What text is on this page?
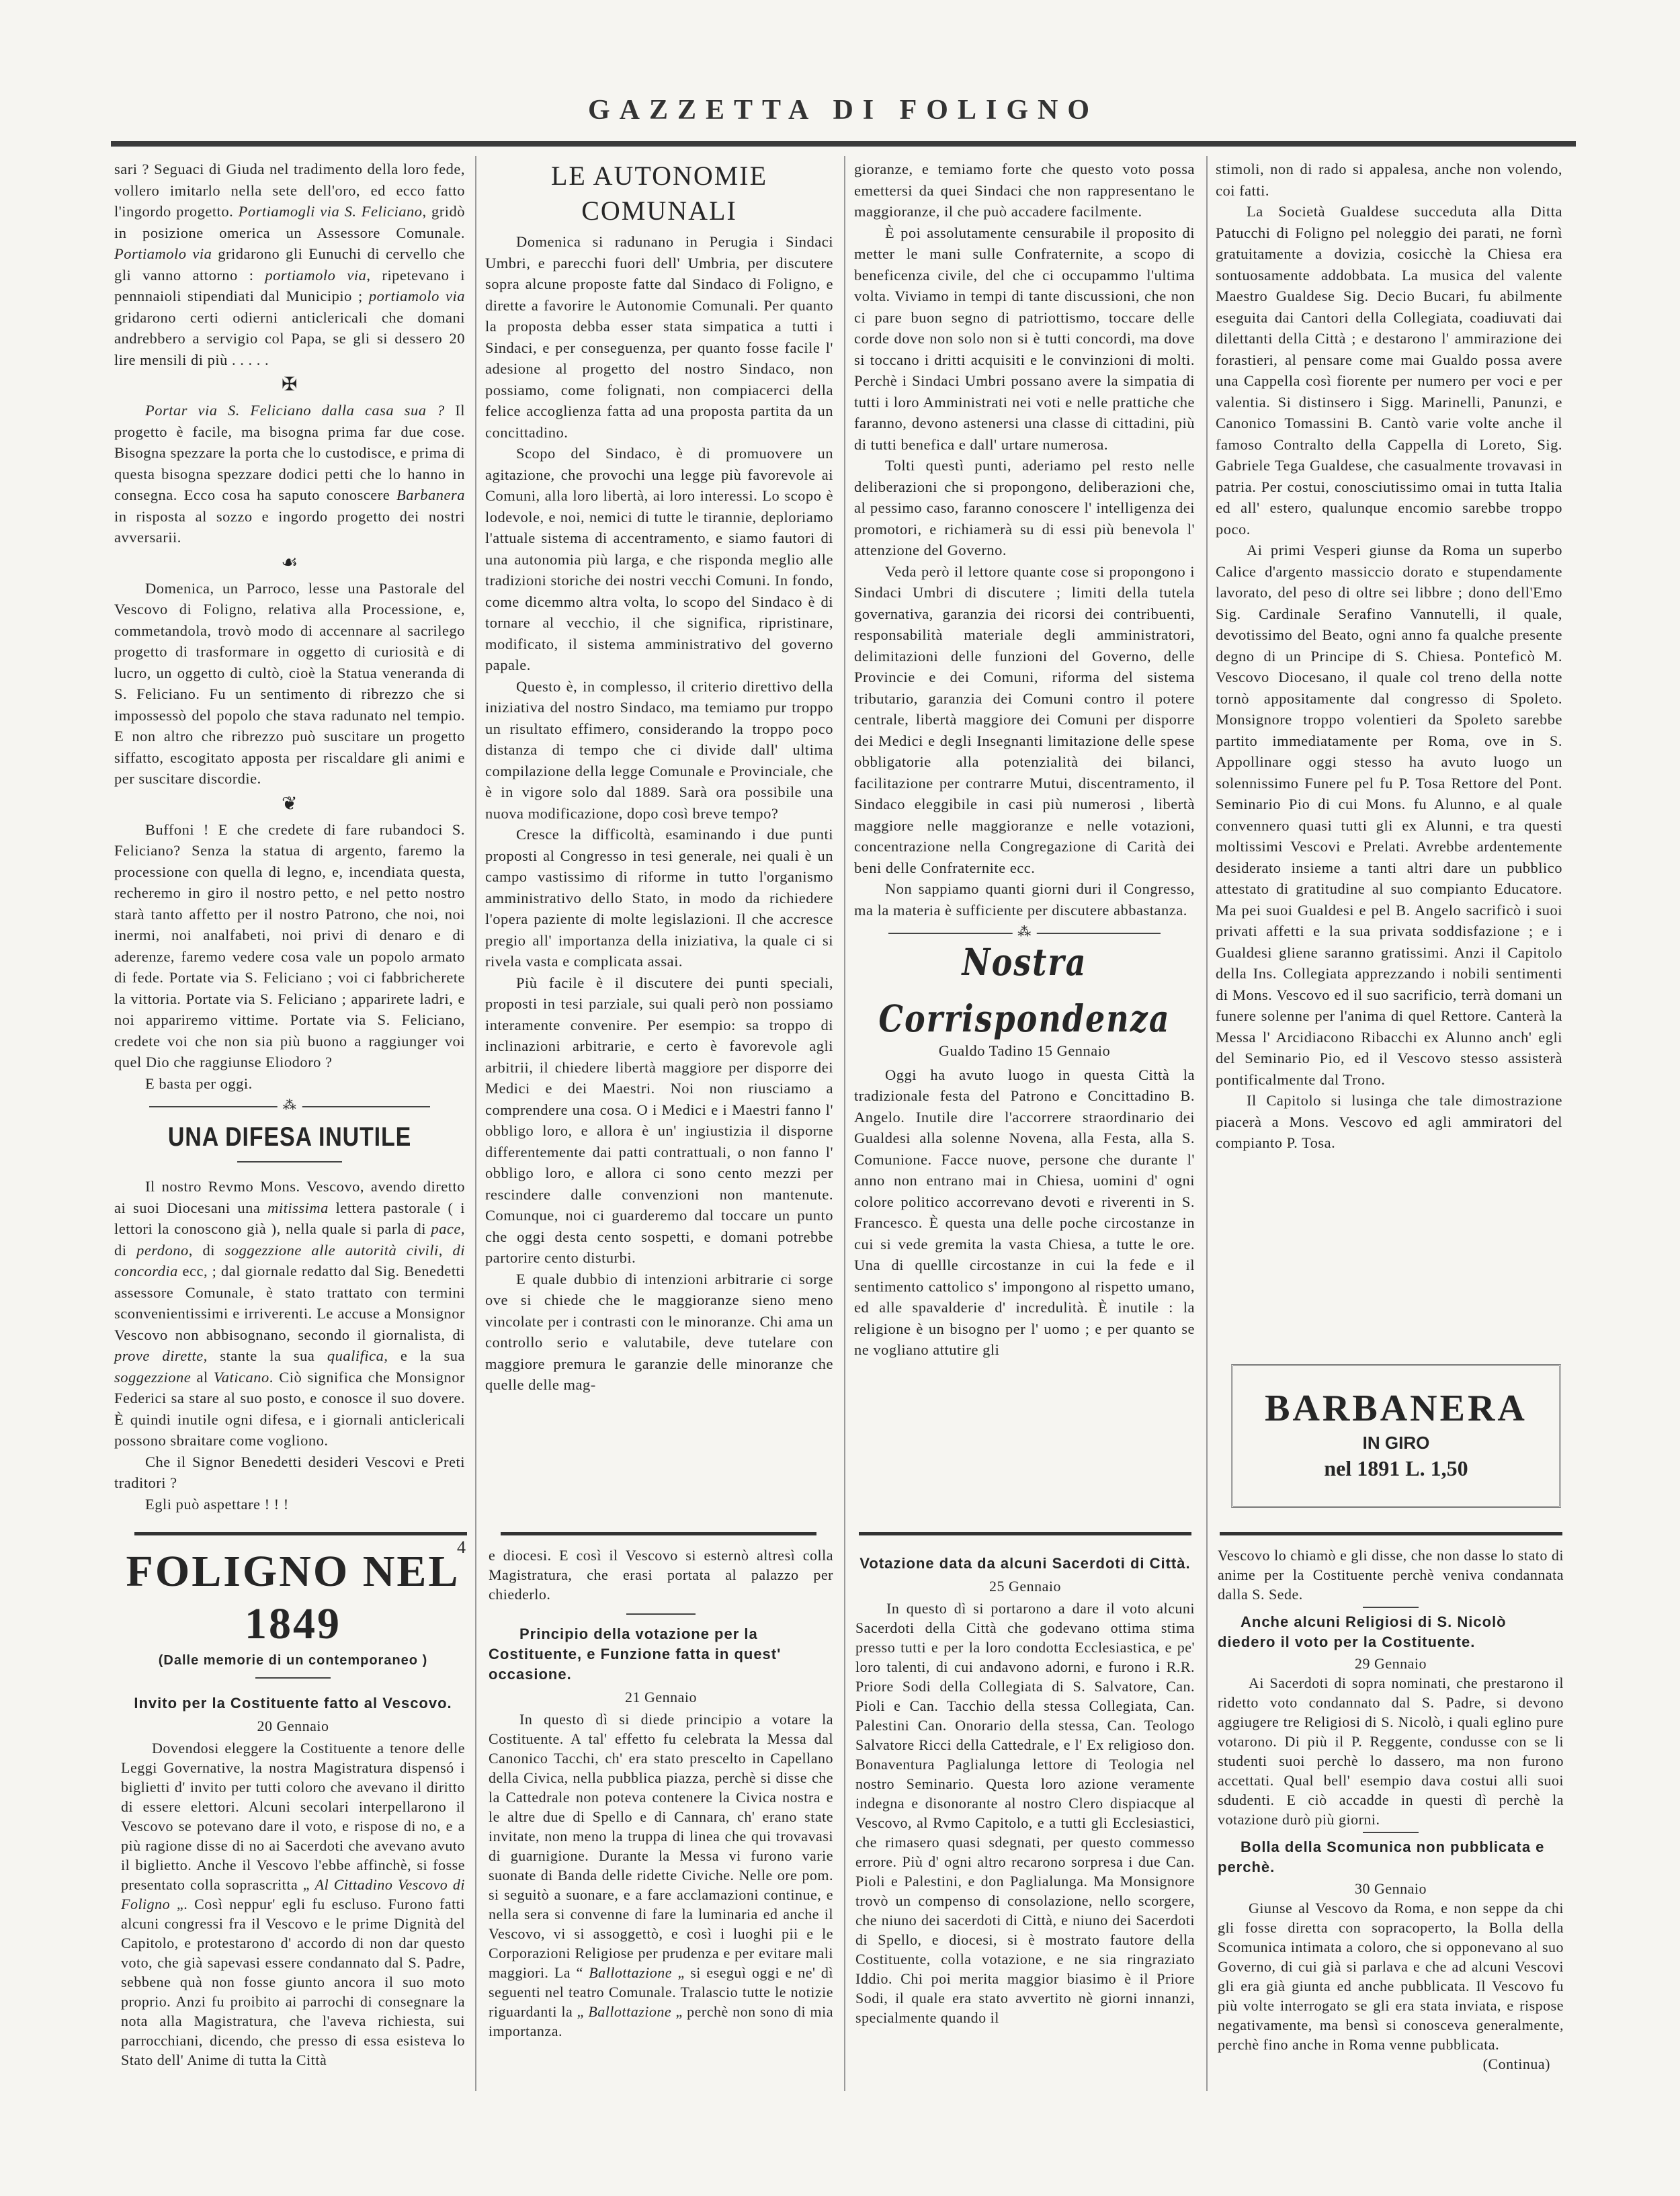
GAZZETTA DI FOLIGNO

sari ? Seguaci di Giuda nel tradimento della loro fede, vollero imitarlo nella sete dell'oro, ed ecco fatto l'ingordo progetto. Portiamogli via S. Feliciano, gridò in posizione omerica un Assessore Comunale. Portiamolo via gridarono gli Eunuchi di cervello che gli vanno attorno : portiamolo via, ripetevano i pennnaioli stipendiati dal Municipio ; portiamolo via gridarono certi odierni anticlericali che domani andrebbero a servigio col Papa, se gli si dessero 20 lire mensili di più . . . . .

✠

Portar via S. Feliciano dalla casa sua ? Il progetto è facile, ma bisogna prima far due cose. Bisogna spezzare la porta che lo custodisce, e prima di questa bisogna spezzare dodici petti che lo hanno in consegna. Ecco cosa ha saputo conoscere Barbanera in risposta al sozzo e ingordo progetto dei nostri avversarii.

☙

Domenica, un Parroco, lesse una Pastorale del Vescovo di Foligno, relativa alla Processione, e, commetandola, trovò modo di accennare al sacrilego progetto di trasformare in oggetto di curiosità e di lucro, un oggetto di cultò, cioè la Statua veneranda di S. Feliciano. Fu un sentimento di ribrezzo che si impossessò del popolo che stava radunato nel tempio. E non altro che ribrezzo può suscitare un progetto siffatto, escogitato apposta per riscaldare gli animi e per suscitare discordie.

❦

Buffoni ! E che credete di fare rubandoci S. Feliciano? Senza la statua di argento, faremo la processione con quella di legno, e, incendiata questa, recheremo in giro il nostro petto, e nel petto nostro starà tanto affetto per il nostro Patrono, che noi, noi inermi, noi analfabeti, noi privi di denaro e di aderenze, faremo vedere cosa vale un popolo armato di fede. Portate via S. Feliciano ; voi ci fabbricherete la vittoria. Portate via S. Feliciano ; apparirete ladri, e noi appariremo vittime. Portate via S. Feliciano, credete voi che non sia più buono a raggiunger voi quel Dio che raggiunse Eliodoro ?

E basta per oggi.

⁂
UNA DIFESA INUTILE

Il nostro Revmo Mons. Vescovo, avendo diretto ai suoi Diocesani una mitissima lettera pastorale ( i lettori la conoscono già ), nella quale si parla di pace, di perdono, di soggezzione alle autorità civili, di concordia ecc, ; dal giornale redatto dal Sig. Benedetti assessore Comunale, è stato trattato con termini sconvenientissimi e irriverenti. Le accuse a Monsignor Vescovo non abbisognano, secondo il giornalista, di prove dirette, stante la sua qualifica, e la sua soggezzione al Vaticano. Ciò significa che Monsignor Federici sa stare al suo posto, e conosce il suo dovere. È quindi inutile ogni difesa, e i giornali anticlericali possono sbraitare come vogliono.

Che il Signor Benedetti desideri Vescovi e Preti traditori ?

Egli può aspettare ! ! !

LE AUTONOMIE COMUNALI

Domenica si radunano in Perugia i Sindaci Umbri, e parecchi fuori dell' Umbria, per discutere sopra alcune proposte fatte dal Sindaco di Foligno, e dirette a favorire le Autonomie Comunali. Per quanto la proposta debba esser stata simpatica a tutti i Sindaci, e per conseguenza, per quanto fosse facile l' adesione al progetto del nostro Sindaco, non possiamo, come folignati, non compiacerci della felice accoglienza fatta ad una proposta partita da un concittadino.

Scopo del Sindaco, è di promuovere un agitazione, che provochi una legge più favorevole ai Comuni, alla loro libertà, ai loro interessi. Lo scopo è lodevole, e noi, nemici di tutte le tirannie, deploriamo l'attuale sistema di accentramento, e siamo fautori di una autonomia più larga, e che risponda meglio alle tradizioni storiche dei nostri vecchi Comuni. In fondo, come dicemmo altra volta, lo scopo del Sindaco è di tornare al vecchio, il che significa, ripristinare, modificato, il sistema amministrativo del governo papale.

Questo è, in complesso, il criterio direttivo della iniziativa del nostro Sindaco, ma temiamo pur troppo un risultato effimero, considerando la troppo poco distanza di tempo che ci divide dall' ultima compilazione della legge Comunale e Provinciale, che è in vigore solo dal 1889. Sarà ora possibile una nuova modificazione, dopo così breve tempo?

Cresce la difficoltà, esaminando i due punti proposti al Congresso in tesi generale, nei quali è un campo vastissimo di riforme in tutto l'organismo amministrativo dello Stato, in modo da richiedere l'opera paziente di molte legislazioni. Il che accresce pregio all' importanza della iniziativa, la quale ci si rivela vasta e complicata assai.

Più facile è il discutere dei punti speciali, proposti in tesi parziale, sui quali però non possiamo interamente convenire. Per esempio: sa troppo di inclinazioni arbitrarie, e certo è favorevole agli arbitrii, il chiedere libertà maggiore per disporre dei Medici e dei Maestri. Noi non riusciamo a comprendere una cosa. O i Medici e i Maestri fanno l' obbligo loro, e allora è un' ingiustizia il disporne differentemente dai patti contrattuali, o non fanno l' obbligo loro, e allora ci sono cento mezzi per rescindere dalle convenzioni non mantenute. Comunque, noi ci guarderemo dal toccare un punto che oggi desta cento sospetti, e domani potrebbe partorire cento disturbi.

E quale dubbio di intenzioni arbitrarie ci sorge ove si chiede che le maggioranze sieno meno vincolate per i contrasti con le minoranze. Chi ama un controllo serio e valutabile, deve tutelare con maggiore premura le garanzie delle minoranze che quelle delle mag-

gioranze, e temiamo forte che questo voto possa emettersi da quei Sindaci che non rappresentano le maggioranze, il che può accadere facilmente.

È poi assolutamente censurabile il proposito di metter le mani sulle Confraternite, a scopo di beneficenza civile, del che ci occupammo l'ultima volta. Viviamo in tempi di tante discussioni, che non ci pare buon segno di patriottismo, toccare delle corde dove non solo non si è tutti concordi, ma dove si toccano i dritti acquisiti e le convinzioni di molti. Perchè i Sindaci Umbri possano avere la simpatia di tutti i loro Amministrati nei voti e nelle prattiche che faranno, devono astenersi una classe di cittadini, più di tutti benefica e dall' urtare numerosa.

Tolti questì punti, aderiamo pel resto nelle deliberazioni che si propongono, deliberazioni che, al pessimo caso, faranno conoscere l' intelligenza dei promotori, e richiamerà su di essi più benevola l' attenzione del Governo.

Veda però il lettore quante cose si propongono i Sindaci Umbri di discutere ; limiti della tutela governativa, garanzia dei ricorsi dei contribuenti, responsabilità materiale degli amministratori, delimitazioni delle funzioni del Governo, delle Provincie e dei Comuni, riforma del sistema tributario, garanzia dei Comuni contro il potere centrale, libertà maggiore dei Comuni per disporre dei Medici e degli Insegnanti limitazione delle spese obbligatorie alla potenzialità dei bilanci, facilitazione per contrarre Mutui, discentramento, il Sindaco eleggibile in casi più numerosi , libertà maggiore nelle maggioranze e nelle votazioni, concentrazione nella Congregazione di Carità dei beni delle Confraternite ecc.

Non sappiamo quanti giorni duri il Congresso, ma la materia è sufficiente per discutere abbastanza.

⁂
Nostra Corrispondenza
Gualdo Tadino 15 Gennaio

Oggi ha avuto luogo in questa Città la tradizionale festa del Patrono e Concittadino B. Angelo. Inutile dire l'accorrere straordinario dei Gualdesi alla solenne Novena, alla Festa, alla S. Comunione. Facce nuove, persone che durante l' anno non entrano mai in Chiesa, uomini d' ogni colore politico accorrevano devoti e riverenti in S. Francesco. È questa una delle poche circostanze in cui si vede gremita la vasta Chiesa, a tutte le ore. Una di quellle circostanze in cui la fede e il sentimento cattolico s' impongono al rispetto umano, ed alle spavalderie d' incredulità. È inutile : la religione è un bisogno per l' uomo ; e per quanto se ne vogliano attutire gli

stimoli, non di rado si appalesa, anche non volendo, coi fatti.

La Società Gualdese succeduta alla Ditta Patucchi di Foligno pel noleggio dei parati, ne fornì gratuitamente a dovizia, cosicchè la Chiesa era sontuosamente addobbata. La musica del valente Maestro Gualdese Sig. Decio Bucari, fu abilmente eseguita dai Cantori della Collegiata, coadiuvati dai dilettanti della Città ; e destarono l' ammirazione dei forastieri, al pensare come mai Gualdo possa avere una Cappella così fiorente per numero per voci e per valentia. Si distinsero i Sigg. Marinelli, Panunzi, e Canonico Tomassini B. Cantò varie volte anche il famoso Contralto della Cappella di Loreto, Sig. Gabriele Tega Gualdese, che casualmente trovavasi in patria. Per costui, conosciutissimo omai in tutta Italia ed all' estero, qualunque encomio sarebbe troppo poco.

Ai primi Vesperi giunse da Roma un superbo Calice d'argento massiccio dorato e stupendamente lavorato, del peso di oltre sei libbre ; dono dell'Emo Sig. Cardinale Serafino Vannutelli, il quale, devotissimo del Beato, ogni anno fa qualche presente degno di un Principe di S. Chiesa. Ponteficò M. Vescovo Diocesano, il quale col treno della notte tornò appositamente dal congresso di Spoleto. Monsignore troppo volentieri da Spoleto sarebbe partito immediatamente per Roma, ove in S. Appollinare oggi stesso ha avuto luogo un solennissimo Funere pel fu P. Tosa Rettore del Pont. Seminario Pio di cui Mons. fu Alunno, e al quale convennero quasi tutti gli ex Alunni, e tra questi moltissimi Vescovi e Prelati. Avrebbe ardentemente desiderato insieme a tanti altri dare un pubblico attestato di gratitudine al suo compianto Educatore. Ma pei suoi Gualdesi e pel B. Angelo sacrificò i suoi privati affetti e la sua privata soddisfazione ; e i Gualdesi gliene saranno gratissimi. Anzi il Capitolo della Ins. Collegiata apprezzando i nobili sentimenti di Mons. Vescovo ed il suo sacrificio, terrà domani un funere solenne per l'anima di quel Rettore. Canterà la Messa l' Arcidiacono Ribacchi ex Alunno anch' egli del Seminario Pio, ed il Vescovo stesso assisterà pontificalmente dal Trono.

Il Capitolo si lusinga che tale dimostrazione piacerà a Mons. Vescovo ed agli ammiratori del compianto P. Tosa.

BARBANERA
IN GIRO
nel 1891 L. 1,50
4
FOLIGNO NEL 1849
(Dalle memorie di un contemporaneo )
Invito per la Costituente fatto al Vescovo.
20 Gennaio

Dovendosi eleggere la Costituente a tenore delle Leggi Governative, la nostra Magistratura dispensó i biglietti d' invito per tutti coloro che avevano il diritto di essere elettori. Alcuni secolari interpellarono il Vescovo se potevano dare il voto, e rispose di no, e a più ragione disse di no ai Sacerdoti che avevano avuto il biglietto. Anche il Vescovo l'ebbe affinchè, si fosse presentato colla soprascritta „ Al Cittadino Vescovo di Foligno „. Così neppur' egli fu escluso. Furono fatti alcuni congressi fra il Vescovo e le prime Dignità del Capitolo, e protestarono d' accordo di non dar questo voto, che già sapevasi essere condannato dal S. Padre, sebbene quà non fosse giunto ancora il suo moto proprio. Anzi fu proibito ai parrochi di consegnare la nota alla Magistratura, che l'aveva richiesta, sui parrocchiani, dicendo, che presso di essa esisteva lo Stato dell' Anime di tutta la Città

e diocesi. E così il Vescovo si esternò altresì colla Magistratura, che erasi portata al palazzo per chiederlo.

Principio della votazione per la Costituente, e Funzione fatta in quest' occasione.
21 Gennaio

In questo dì si diede principio a votare la Costituente. A tal' effetto fu celebrata la Messa dal Canonico Tacchi, ch' era stato prescelto in Capellano della Civica, nella pubblica piazza, perchè si disse che la Cattedrale non poteva contenere la Civica nostra e le altre due di Spello e di Cannara, ch' erano state invitate, non meno la truppa di linea che qui trovavasi di guarnigione. Durante la Messa vi furono varie suonate di Banda delle ridette Civiche. Nelle ore pom. si seguitò a suonare, e a fare acclamazioni continue, e nella sera si convenne di fare la luminaria ed anche il Vescovo, vi si assoggettò, e così i luoghi pii e le Corporazioni Religiose per prudenza e per evitare mali maggiori. La “ Ballottazione „ si eseguì oggi e ne' dì seguenti nel teatro Comunale. Tralascio tutte le notizie riguardanti la „ Ballottazione „ perchè non sono di mia importanza.

Votazione data da alcuni Sacerdoti di Città.
25 Gennaio

In questo dì si portarono a dare il voto alcuni Sacerdoti della Città che godevano ottima stima presso tutti e per la loro condotta Ecclesiastica, e pe' loro talenti, di cui andavono adorni, e furono i R.R. Priore Sodi della Collegiata di S. Salvatore, Can. Pioli e Can. Tacchio della stessa Collegiata, Can. Palestini Can. Onorario della stessa, Can. Teologo Salvatore Ricci della Cattedrale, e l' Ex religioso don. Bonaventura Paglialunga lettore di Teologia nel nostro Seminario. Questa loro azione veramente indegna e disonorante al nostro Clero dispiacque al Vescovo, al Rvmo Capitolo, e a tutti gli Ecclesiastici, che rimasero quasi sdegnati, per questo commesso errore. Più d' ogni altro recarono sorpresa i due Can. Pioli e Palestini, e don Paglialunga. Ma Monsignore trovò un compenso di consolazione, nello scorgere, che niuno dei sacerdoti di Città, e niuno dei Sacerdoti di Spello, e diocesi, si è mostrato fautore della Costituente, colla votazione, e ne sia ringraziato Iddio. Chi poi merita maggior biasimo è il Priore Sodi, il quale era stato avvertito nè giorni innanzi, specialmente quando il

Vescovo lo chiamò e gli disse, che non dasse lo stato di anime per la Costituente perchè veniva condannata dalla S. Sede.

Anche alcuni Religiosi di S. Nicolò diedero il voto per la Costituente.
29 Gennaio

Ai Sacerdoti di sopra nominati, che prestarono il ridetto voto condannato dal S. Padre, si devono aggiugere tre Religiosi di S. Nicolò, i quali eglino pure votarono. Di più il P. Reggente, condusse con se li studenti suoi perchè lo dassero, ma non furono accettati. Qual bell' esempio dava costui alli suoi sdudenti. E ciò accadde in questi dì perchè la votazione durò più giorni.

Bolla della Scomunica non pubblicata e perchè.
30 Gennaio

Giunse al Vescovo da Roma, e non seppe da chi gli fosse diretta con sopracoperto, la Bolla della Scomunica intimata a coloro, che si opponevano al suo Governo, di cui già si parlava e che ad alcuni Vescovi gli era già giunta ed anche pubblicata. Il Vescovo fu più volte interrogato se gli era stata inviata, e rispose negativamente, ma bensì si conosceva generalmente, perchè fino anche in Roma venne pubblicata.

(Continua)
